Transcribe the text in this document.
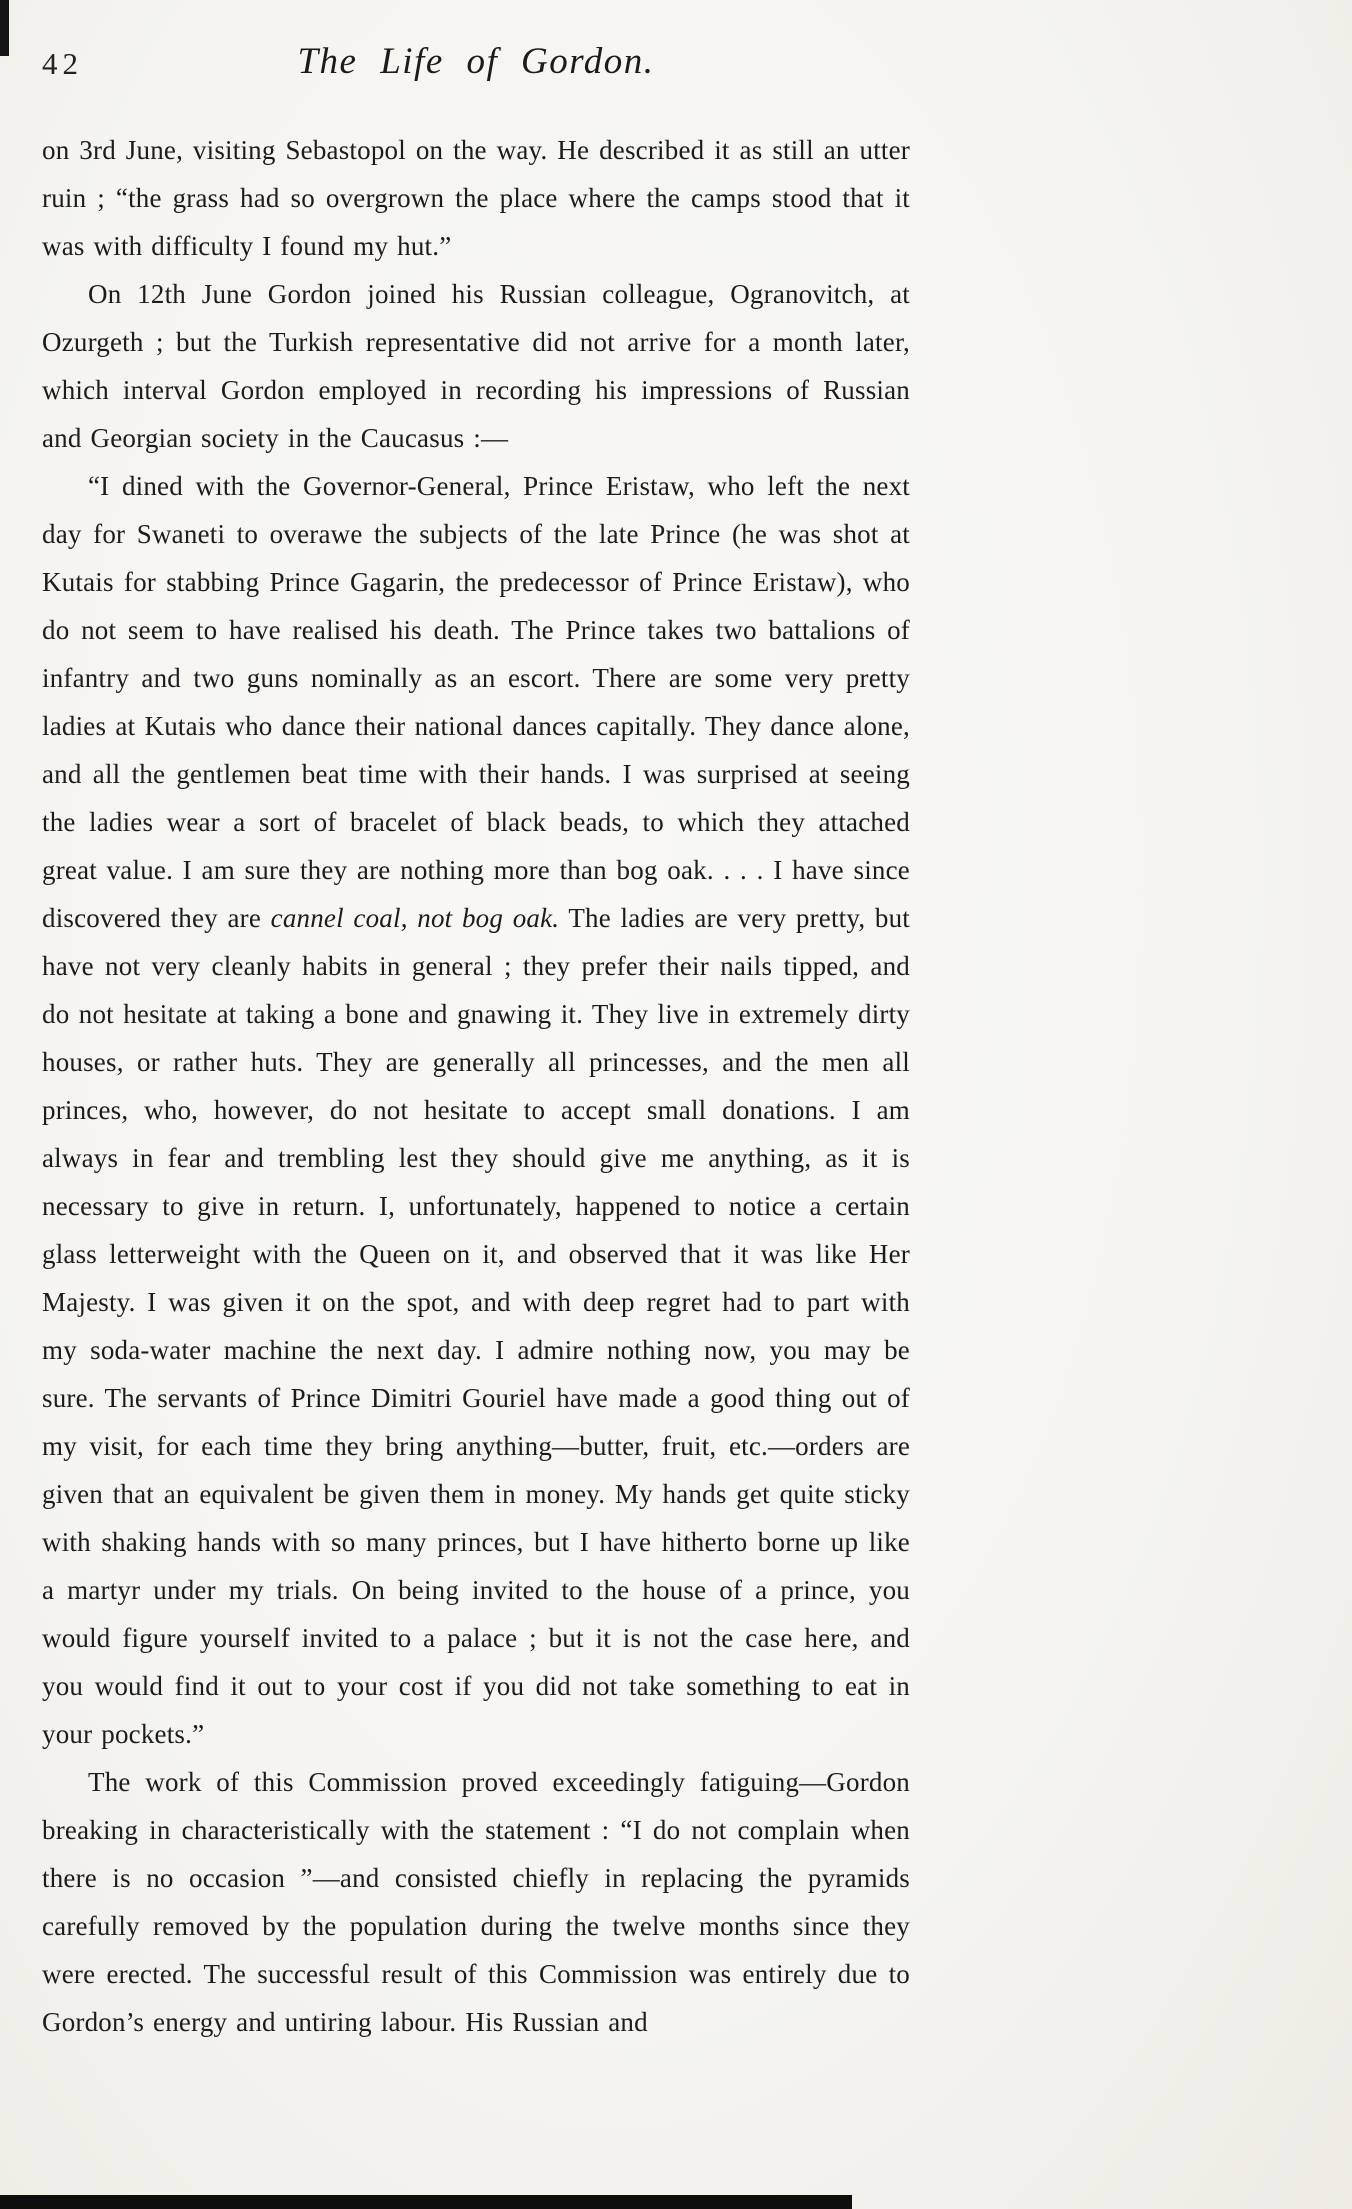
42	The Life of Gordon.

on 3rd June, visiting Sebastopol on the way. He described it as still an utter ruin ; “the grass had so overgrown the place where the camps stood that it was with difficulty I found my hut.”

On 12th June Gordon joined his Russian colleague, Ogranovitch, at Ozurgeth ; but the Turkish representative did not arrive for a month later, which interval Gordon employed in recording his impressions of Russian and Georgian society in the Caucasus :—

“I dined with the Governor-General, Prince Eristaw, who left the next day for Swaneti to overawe the subjects of the late Prince (he was shot at Kutais for stabbing Prince Gagarin, the predecessor of Prince Eristaw), who do not seem to have realised his death. The Prince takes two battalions of infantry and two guns nominally as an escort. There are some very pretty ladies at Kutais who dance their national dances capitally. They dance alone, and all the gentlemen beat time with their hands. I was surprised at seeing the ladies wear a sort of bracelet of black beads, to which they attached great value. I am sure they are nothing more than bog oak. . . . I have since discovered they are cannel coal, not bog oak. The ladies are very pretty, but have not very cleanly habits in general ; they prefer their nails tipped, and do not hesitate at taking a bone and gnawing it. They live in extremely dirty houses, or rather huts. They are generally all princesses, and the men all princes, who, however, do not hesitate to accept small donations. I am always in fear and trembling lest they should give me anything, as it is necessary to give in return. I, unfortunately, happened to notice a certain glass letterweight with the Queen on it, and observed that it was like Her Majesty. I was given it on the spot, and with deep regret had to part with my soda-water machine the next day. I admire nothing now, you may be sure. The servants of Prince Dimitri Gouriel have made a good thing out of my visit, for each time they bring anything—butter, fruit, etc.—orders are given that an equivalent be given them in money. My hands get quite sticky with shaking hands with so many princes, but I have hitherto borne up like a martyr under my trials. On being invited to the house of a prince, you would figure yourself invited to a palace ; but it is not the case here, and you would find it out to your cost if you did not take something to eat in your pockets.”

The work of this Commission proved exceedingly fatiguing—Gordon breaking in characteristically with the statement : “I do not complain when there is no occasion ”—and consisted chiefly in replacing the pyramids carefully removed by the population during the twelve months since they were erected. The successful result of this Commission was entirely due to Gordon’s energy and untiring labour. His Russian and
